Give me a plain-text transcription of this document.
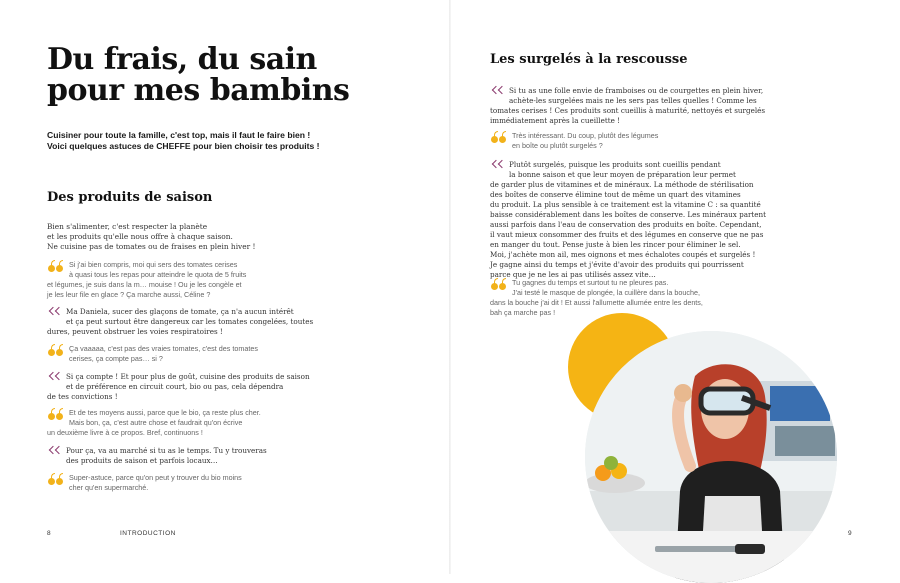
Du frais, du sain
pour mes bambins

Cuisiner pour toute la famille, c'est top, mais il faut le faire bien !
Voici quelques astuces de CHEFFE pour bien choisir tes produits !

Des produits de saison

Bien s'alimenter, c'est respecter la planète
et les produits qu'elle nous offre à chaque saison.
Ne cuisine pas de tomates ou de fraises en plein hiver !

Si j'ai bien compris, moi qui sers des tomates cerises
à quasi tous les repas pour atteindre le quota de 5 fruits
et légumes, je suis dans la m… mouise ! Ou je les congèle et
je les leur file en glace ? Ça marche aussi, Céline ?
Ma Daniela, sucer des glaçons de tomate, ça n'a aucun intérêt
et ça peut surtout être dangereux car les tomates congelées, toutes
dures, peuvent obstruer les voies respiratoires !
Ça vaaaaa, c'est pas des vraies tomates, c'est des tomates
cerises, ça compte pas… si ?
Si ça compte ! Et pour plus de goût, cuisine des produits de saison
et de préférence en circuit court, bio ou pas, cela dépendra
de tes convictions !
Et de tes moyens aussi, parce que le bio, ça reste plus cher.
Mais bon, ça, c'est autre chose et faudrait qu'on écrive
un deuxième livre à ce propos. Bref, continuons !
Pour ça, va au marché si tu as le temps. Tu y trouveras
des produits de saison et parfois locaux…
Super-astuce, parce qu'on peut y trouver du bio moins
cher qu'en supermarché.
8	INTRODUCTION
Les surgelés à la rescousse
Si tu as une folle envie de framboises ou de courgettes en plein hiver,
achète-les surgelées mais ne les sers pas telles quelles ! Comme les
tomates cerises ! Ces produits sont cueillis à maturité, nettoyés et surgelés
immédiatement après la cueillette !
Très intéressant. Du coup, plutôt des légumes
en boîte ou plutôt surgelés ?
Plutôt surgelés, puisque les produits sont cueillis pendant
la bonne saison et que leur moyen de préparation leur permet
de garder plus de vitamines et de minéraux. La méthode de stérilisation
des boîtes de conserve élimine tout de même un quart des vitamines
du produit. La plus sensible à ce traitement est la vitamine C : sa quantité
baisse considérablement dans les boîtes de conserve. Les minéraux partent
aussi parfois dans l'eau de conservation des produits en boîte. Cependant,
il vaut mieux consommer des fruits et des légumes en conserve que ne pas
en manger du tout. Pense juste à bien les rincer pour éliminer le sel.
Moi, j'achète mon ail, mes oignons et mes échalotes coupés et surgelés !
Je gagne ainsi du temps et j'évite d'avoir des produits qui pourrissent
parce que je ne les ai pas utilisés assez vite…
Tu gagnes du temps et surtout tu ne pleures pas.
J'ai testé le masque de plongée, la cuillère dans la bouche,
dans la bouche j'ai dit ! Et aussi l'allumette allumée entre les dents,
bah ça marche pas !
9
